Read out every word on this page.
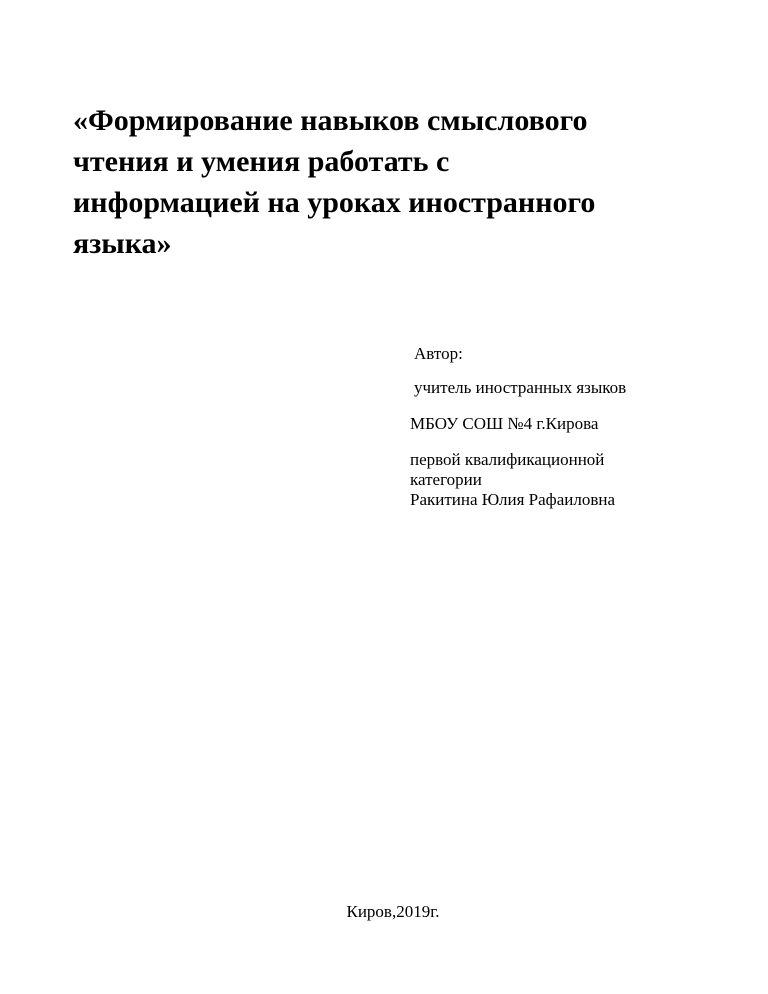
«Формирование навыков смыслового
чтения и умения работать с
информацией на уроках иностранного
языка»
Автор:
учитель иностранных языков
МБОУ СОШ №4 г.Кирова
первой квалификационной
категории
Ракитина Юлия Рафаиловна
Киров,2019г.
